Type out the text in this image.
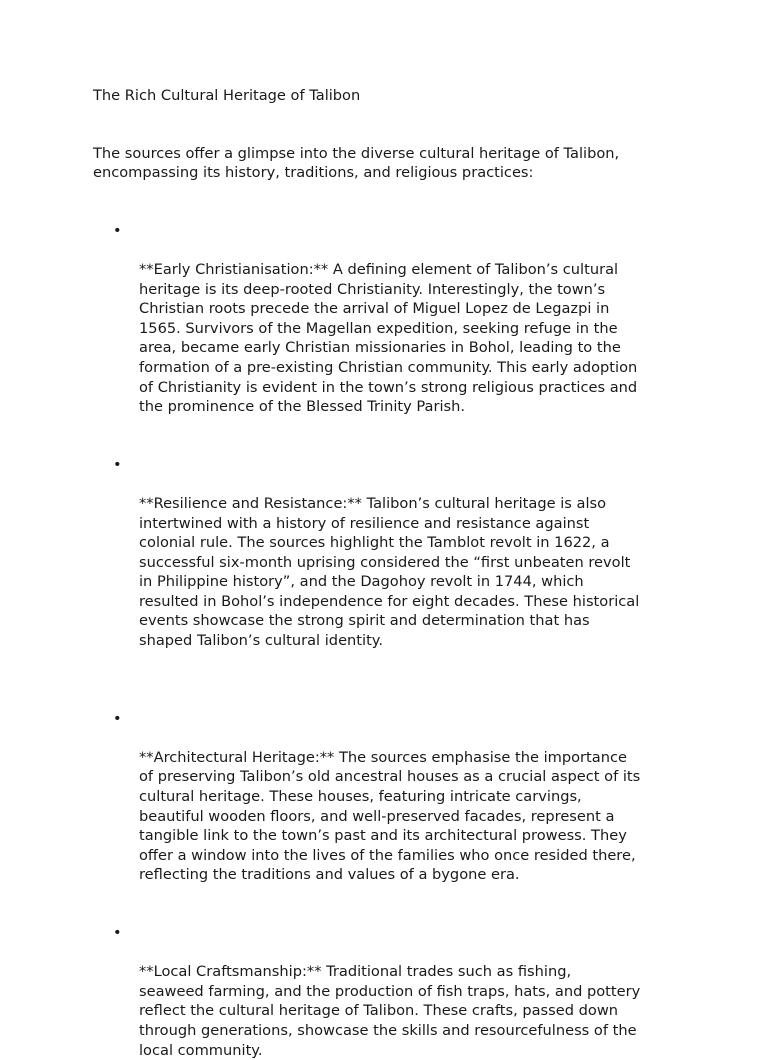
The Rich Cultural Heritage of Talibon

The sources offer a glimpse into the diverse cultural heritage of Talibon,
encompassing its history, traditions, and religious practices:

•

**Early Christianisation:** A defining element of Talibon’s cultural
heritage is its deep-rooted Christianity. Interestingly, the town’s
Christian roots precede the arrival of Miguel Lopez de Legazpi in
1565. Survivors of the Magellan expedition, seeking refuge in the
area, became early Christian missionaries in Bohol, leading to the
formation of a pre-existing Christian community. This early adoption
of Christianity is evident in the town’s strong religious practices and
the prominence of the Blessed Trinity Parish.

•

**Resilience and Resistance:** Talibon’s cultural heritage is also
intertwined with a history of resilience and resistance against
colonial rule. The sources highlight the Tamblot revolt in 1622, a
successful six-month uprising considered the “first unbeaten revolt
in Philippine history”, and the Dagohoy revolt in 1744, which
resulted in Bohol’s independence for eight decades. These historical
events showcase the strong spirit and determination that has
shaped Talibon’s cultural identity.

•

**Architectural Heritage:** The sources emphasise the importance
of preserving Talibon’s old ancestral houses as a crucial aspect of its
cultural heritage. These houses, featuring intricate carvings,
beautiful wooden floors, and well-preserved facades, represent a
tangible link to the town’s past and its architectural prowess. They
offer a window into the lives of the families who once resided there,
reflecting the traditions and values of a bygone era.

•

**Local Craftsmanship:** Traditional trades such as fishing,
seaweed farming, and the production of fish traps, hats, and pottery
reflect the cultural heritage of Talibon. These crafts, passed down
through generations, showcase the skills and resourcefulness of the
local community.
